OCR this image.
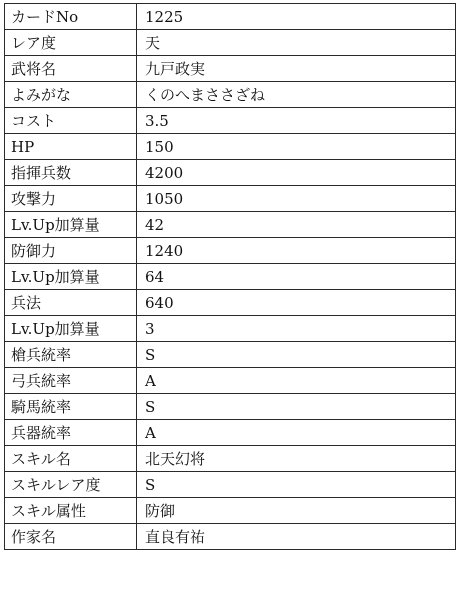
カードNo	1225
レア度	天
武将名	九戸政実
よみがな	くのへまささざね
コスト	3.5
HP	150
指揮兵数	4200
攻撃力	1050
Lv.Up加算量	42
防御力	1240
Lv.Up加算量	64
兵法	640
Lv.Up加算量	3
槍兵統率	S
弓兵統率	A
騎馬統率	S
兵器統率	A
スキル名	北天幻将
スキルレア度	S
スキル属性	防御
作家名	直良有祐
